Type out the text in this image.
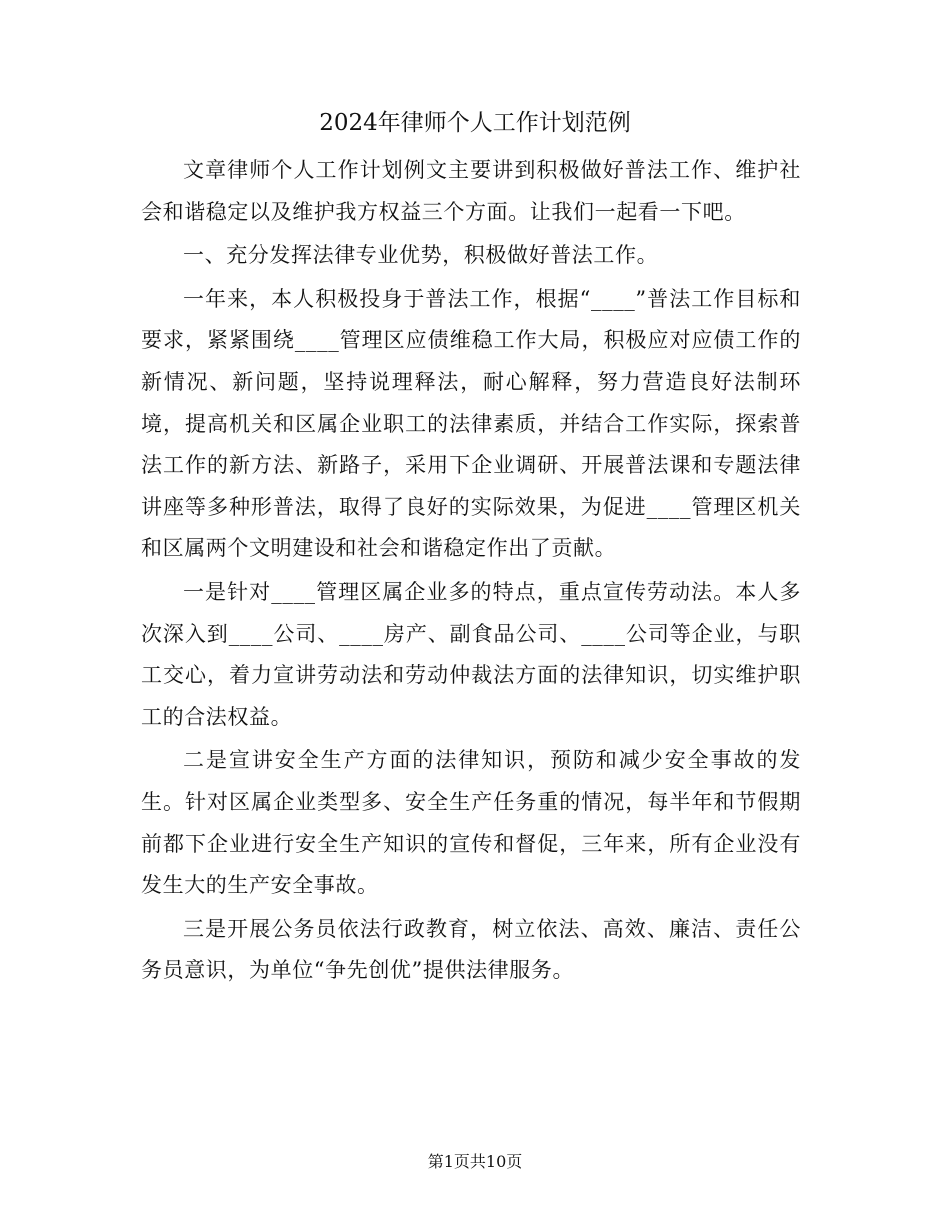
2024年律师个人工作计划范例

文章律师个人工作计划例文主要讲到积极做好普法工作、维护社会和谐稳定以及维护我方权益三个方面。让我们一起看一下吧。

一、充分发挥法律专业优势，积极做好普法工作。

一年来，本人积极投身于普法工作，根据“____”普法工作目标和要求，紧紧围绕____管理区应债维稳工作大局，积极应对应债工作的新情况、新问题，坚持说理释法，耐心解释，努力营造良好法制环境，提高机关和区属企业职工的法律素质，并结合工作实际，探索普法工作的新方法、新路子，采用下企业调研、开展普法课和专题法律讲座等多种形普法，取得了良好的实际效果，为促进____管理区机关和区属两个文明建设和社会和谐稳定作出了贡献。

一是针对____管理区属企业多的特点，重点宣传劳动法。本人多次深入到____公司、____房产、副食品公司、____公司等企业，与职工交心，着力宣讲劳动法和劳动仲裁法方面的法律知识，切实维护职工的合法权益。

二是宣讲安全生产方面的法律知识，预防和减少安全事故的发生。针对区属企业类型多、安全生产任务重的情况，每半年和节假期前都下企业进行安全生产知识的宣传和督促，三年来，所有企业没有发生大的生产安全事故。

三是开展公务员依法行政教育，树立依法、高效、廉洁、责任公务员意识，为单位“争先创优”提供法律服务。

第1页共10页
